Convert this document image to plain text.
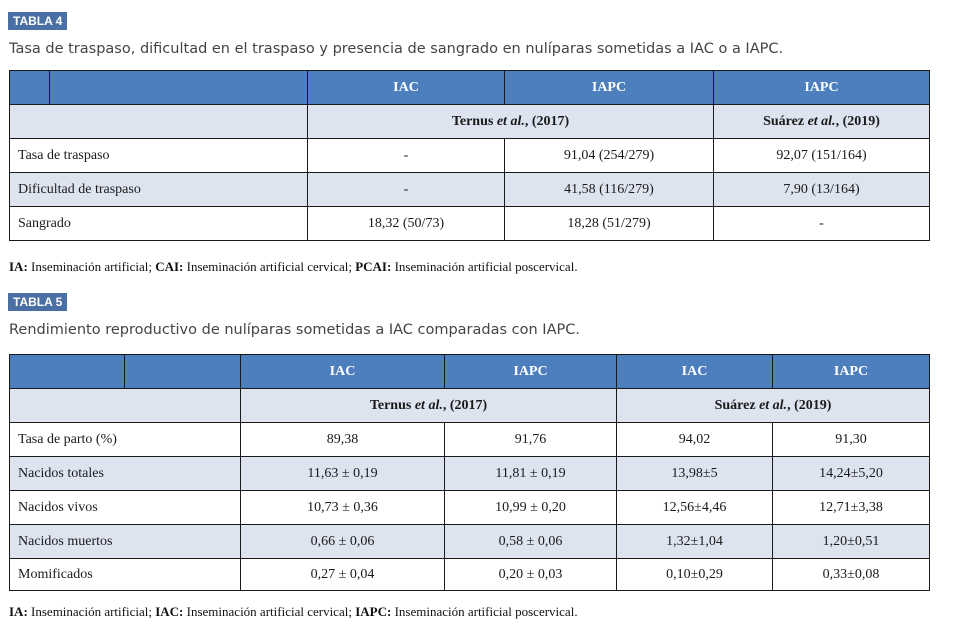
TABLA 4
Tasa de traspaso, dificultad en el traspaso y presencia de sangrado en nulíparas sometidas a IAC o a IAPC.
TABLA 5
Rendimiento reproductivo de nulíparas sometidas a IAC comparadas con IAPC.
		IAC	IAPC	IAPC
		Ternus et al., (2017)		Suárez et al., (2019)
Tasa de traspaso		-	91,04 (254/279)	92,07 (151/164)
Dificultad de traspaso		-	41,58 (116/279)	7,90 (13/164)
Sangrado		18,32 (50/73)	18,28 (51/279)	-
IA: Inseminación artificial; CAI: Inseminación artificial cervical; PCAI: Inseminación artificial poscervical.
		IAC	IAPC	IAC	IAPC
		Ternus et al., (2017)		Suárez et al., (2019)	
Tasa de parto (%)		89,38	91,76	94,02	91,30
Nacidos totales		11,63 ± 0,19	11,81 ± 0,19	13,98±5	14,24±5,20
Nacidos vivos		10,73 ± 0,36	10,99 ± 0,20	12,56±4,46	12,71±3,38
Nacidos muertos		0,66 ± 0,06	0,58 ± 0,06	1,32±1,04	1,20±0,51
Momificados		0,27 ± 0,04	0,20 ± 0,03	0,10±0,29	0,33±0,08
IA: Inseminación artificial; IAC: Inseminación artificial cervical; IAPC: Inseminación artificial poscervical.
